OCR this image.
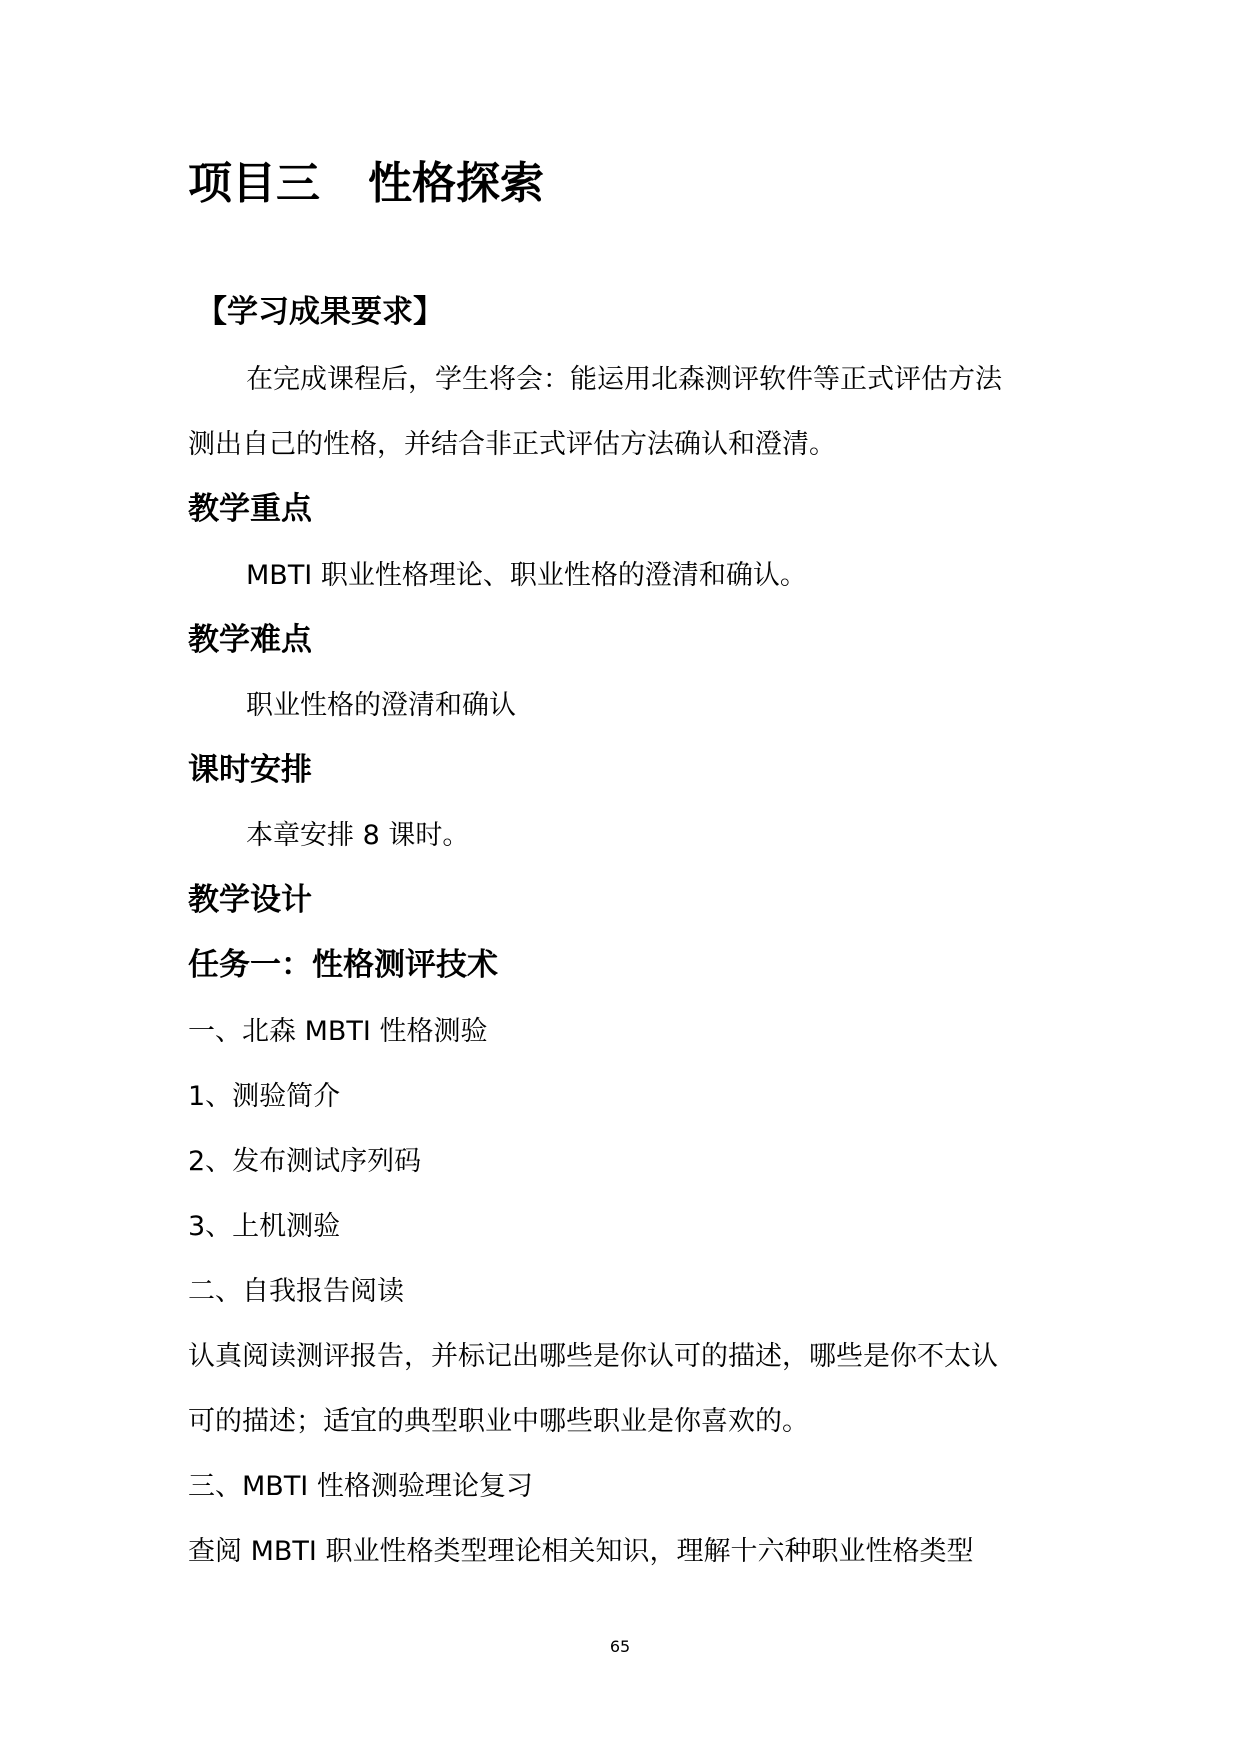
项目三 性格探索
【学习成果要求】
在完成课程后，学生将会：能运用北森测评软件等正式评估方法
测出自己的性格，并结合非正式评估方法确认和澄清。
教学重点
MBTI 职业性格理论、职业性格的澄清和确认。
教学难点
职业性格的澄清和确认
课时安排
本章安排 8 课时。
教学设计
任务一：性格测评技术
一、北森 MBTI 性格测验
1、测验简介
2、发布测试序列码
3、上机测验
二、自我报告阅读
认真阅读测评报告，并标记出哪些是你认可的描述，哪些是你不太认
可的描述；适宜的典型职业中哪些职业是你喜欢的。
三、MBTI 性格测验理论复习
查阅 MBTI 职业性格类型理论相关知识，理解十六种职业性格类型
65
